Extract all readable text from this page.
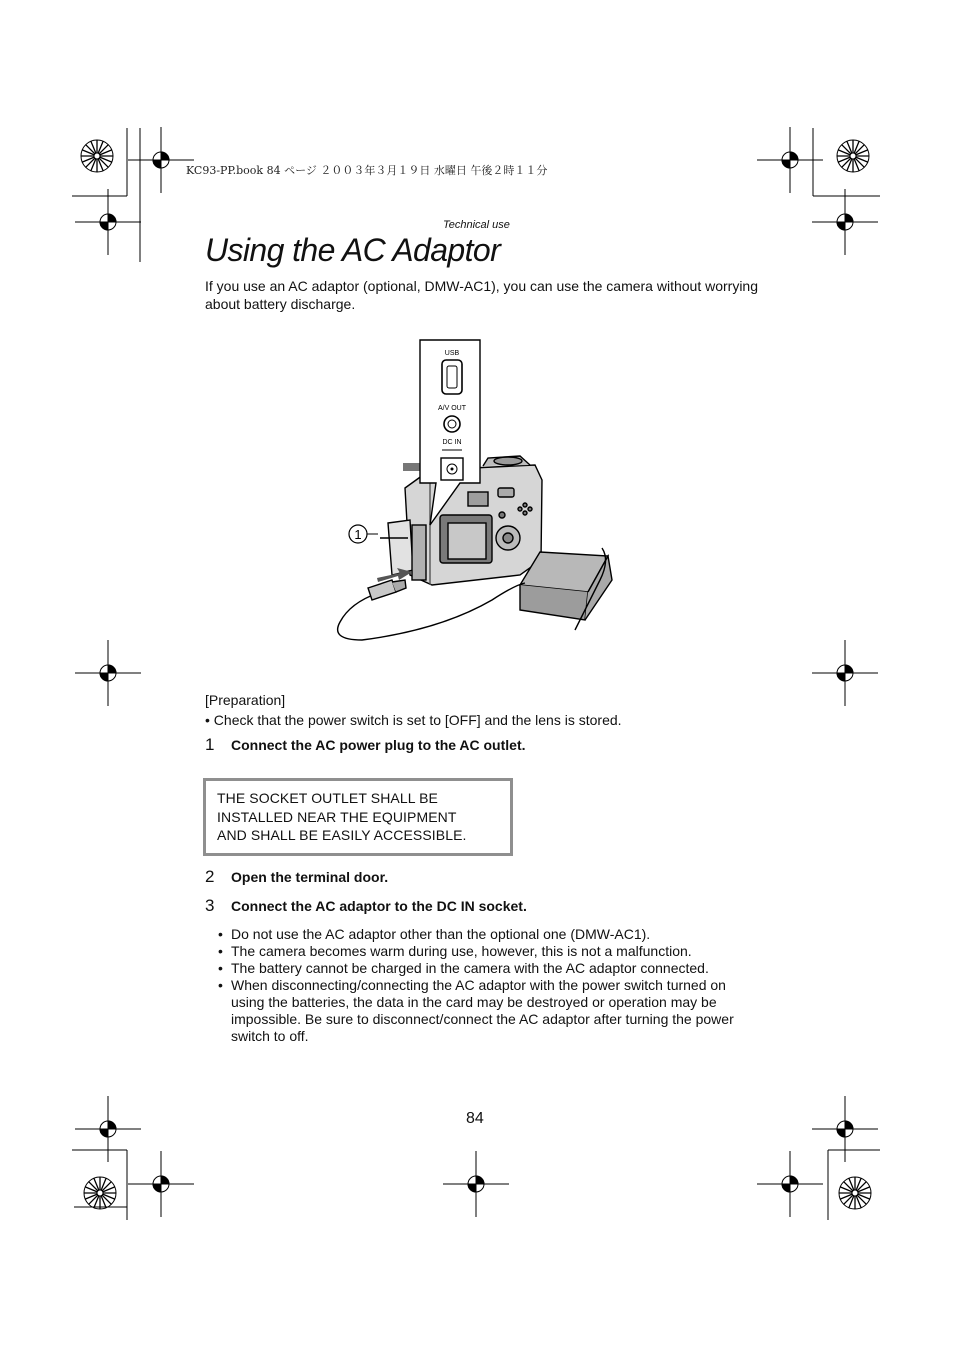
KC93-PP.book 84 ページ ２００３年３月１９日 水曜日 午後２時１１分
Technical use
Using the AC Adaptor
If you use an AC adaptor (optional, DMW-AC1), you can use the camera without worrying about battery discharge.
USB
A/V OUT
DC IN
1
[Preparation]
• Check that the power switch is set to [OFF] and the lens is stored.
1 Connect the AC power plug to the AC outlet.
THE SOCKET OUTLET SHALL BE
INSTALLED NEAR THE EQUIPMENT
AND SHALL BE EASILY ACCESSIBLE.
2 Open the terminal door.
3 Connect the AC adaptor to the DC IN socket.
• Do not use the AC adaptor other than the optional one (DMW-AC1).
• The camera becomes warm during use, however, this is not a malfunction.
• The battery cannot be charged in the camera with the AC adaptor connected.
• When disconnecting/connecting the AC adaptor with the power switch turned on using the batteries, the data in the card may be destroyed or operation may be impossible. Be sure to disconnect/connect the AC adaptor after turning the power switch to off.
84
